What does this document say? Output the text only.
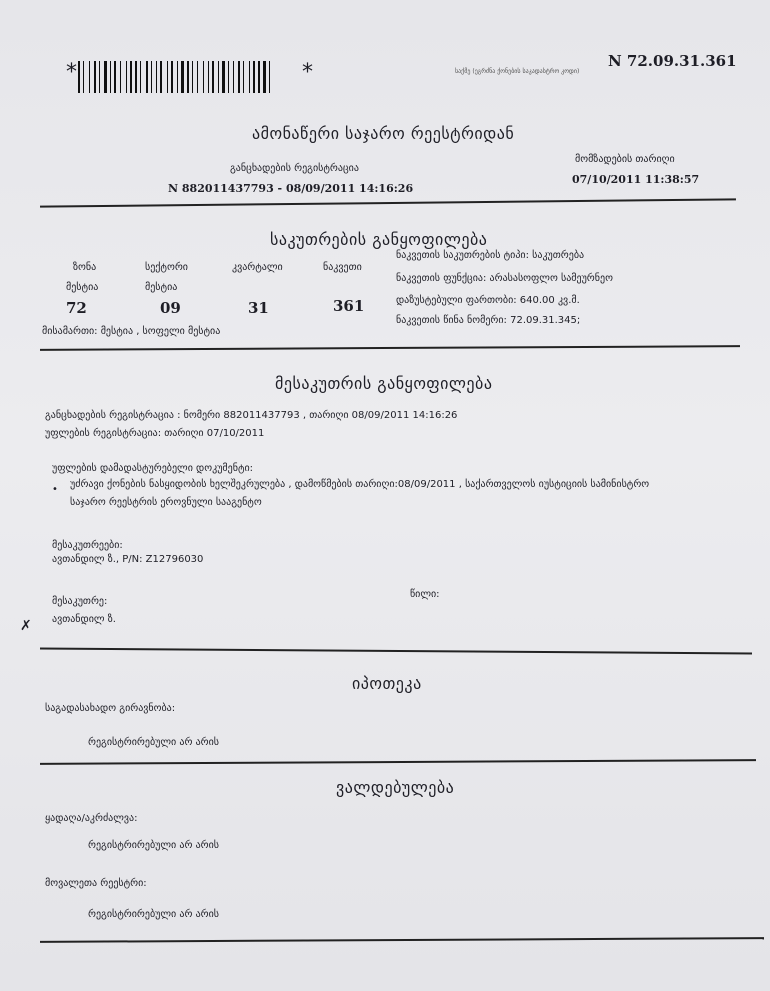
*	*	საქმე (ეგრძნა ქონების საკადასტრო კოდი)
N 72.09.31.361
ამონაწერი საჯარო რეესტრიდან
განცხადების რეგისტრაცია
N 882011437793 - 08/09/2011 14:16:26
მომზადების თარიღი
07/10/2011 11:38:57
საკუთრების განყოფილება
ზონა
მესტია
72
სექტორი
მესტია
09
კვარტალი
31
ნაკვეთი
361
ნაკვეთის საკუთრების ტიპი: საკუთრება
ნაკვეთის ფუნქცია: არასასოფლო სამეურნეო
დაზუსტებული ფართობი: 640.00 კვ.მ.
ნაკვეთის წინა ნომერი: 72.09.31.345;
მისამართი: მესტია , სოფელი მესტია
მესაკუთრის განყოფილება
განცხადების რეგისტრაცია : ნომერი 882011437793 , თარიღი 08/09/2011 14:16:26
უფლების რეგისტრაცია: თარიღი 07/10/2011
უფლების დამადასტურებელი დოკუმენტი:
• უძრავი ქონების ნასყიდობის ხელშეკრულება , დამოწმების თარიღი:08/09/2011 , საქართველოს იუსტიციის სამინისტრო საჯარო რეესტრის ეროვნული სააგენტო
მესაკუთრეები:
ავთანდილ ზ., P/N: Z12796030
მესაკუთრე:
ავთანდილ ზ.
წილი:
✗
იპოთეკა
საგადასახადო გირავნობა:
რეგისტრირებული არ არის
ვალდებულება
ყადაღა/აკრძალვა:
რეგისტრირებული არ არის
მოვალეთა რეესტრი:
რეგისტრირებული არ არის
